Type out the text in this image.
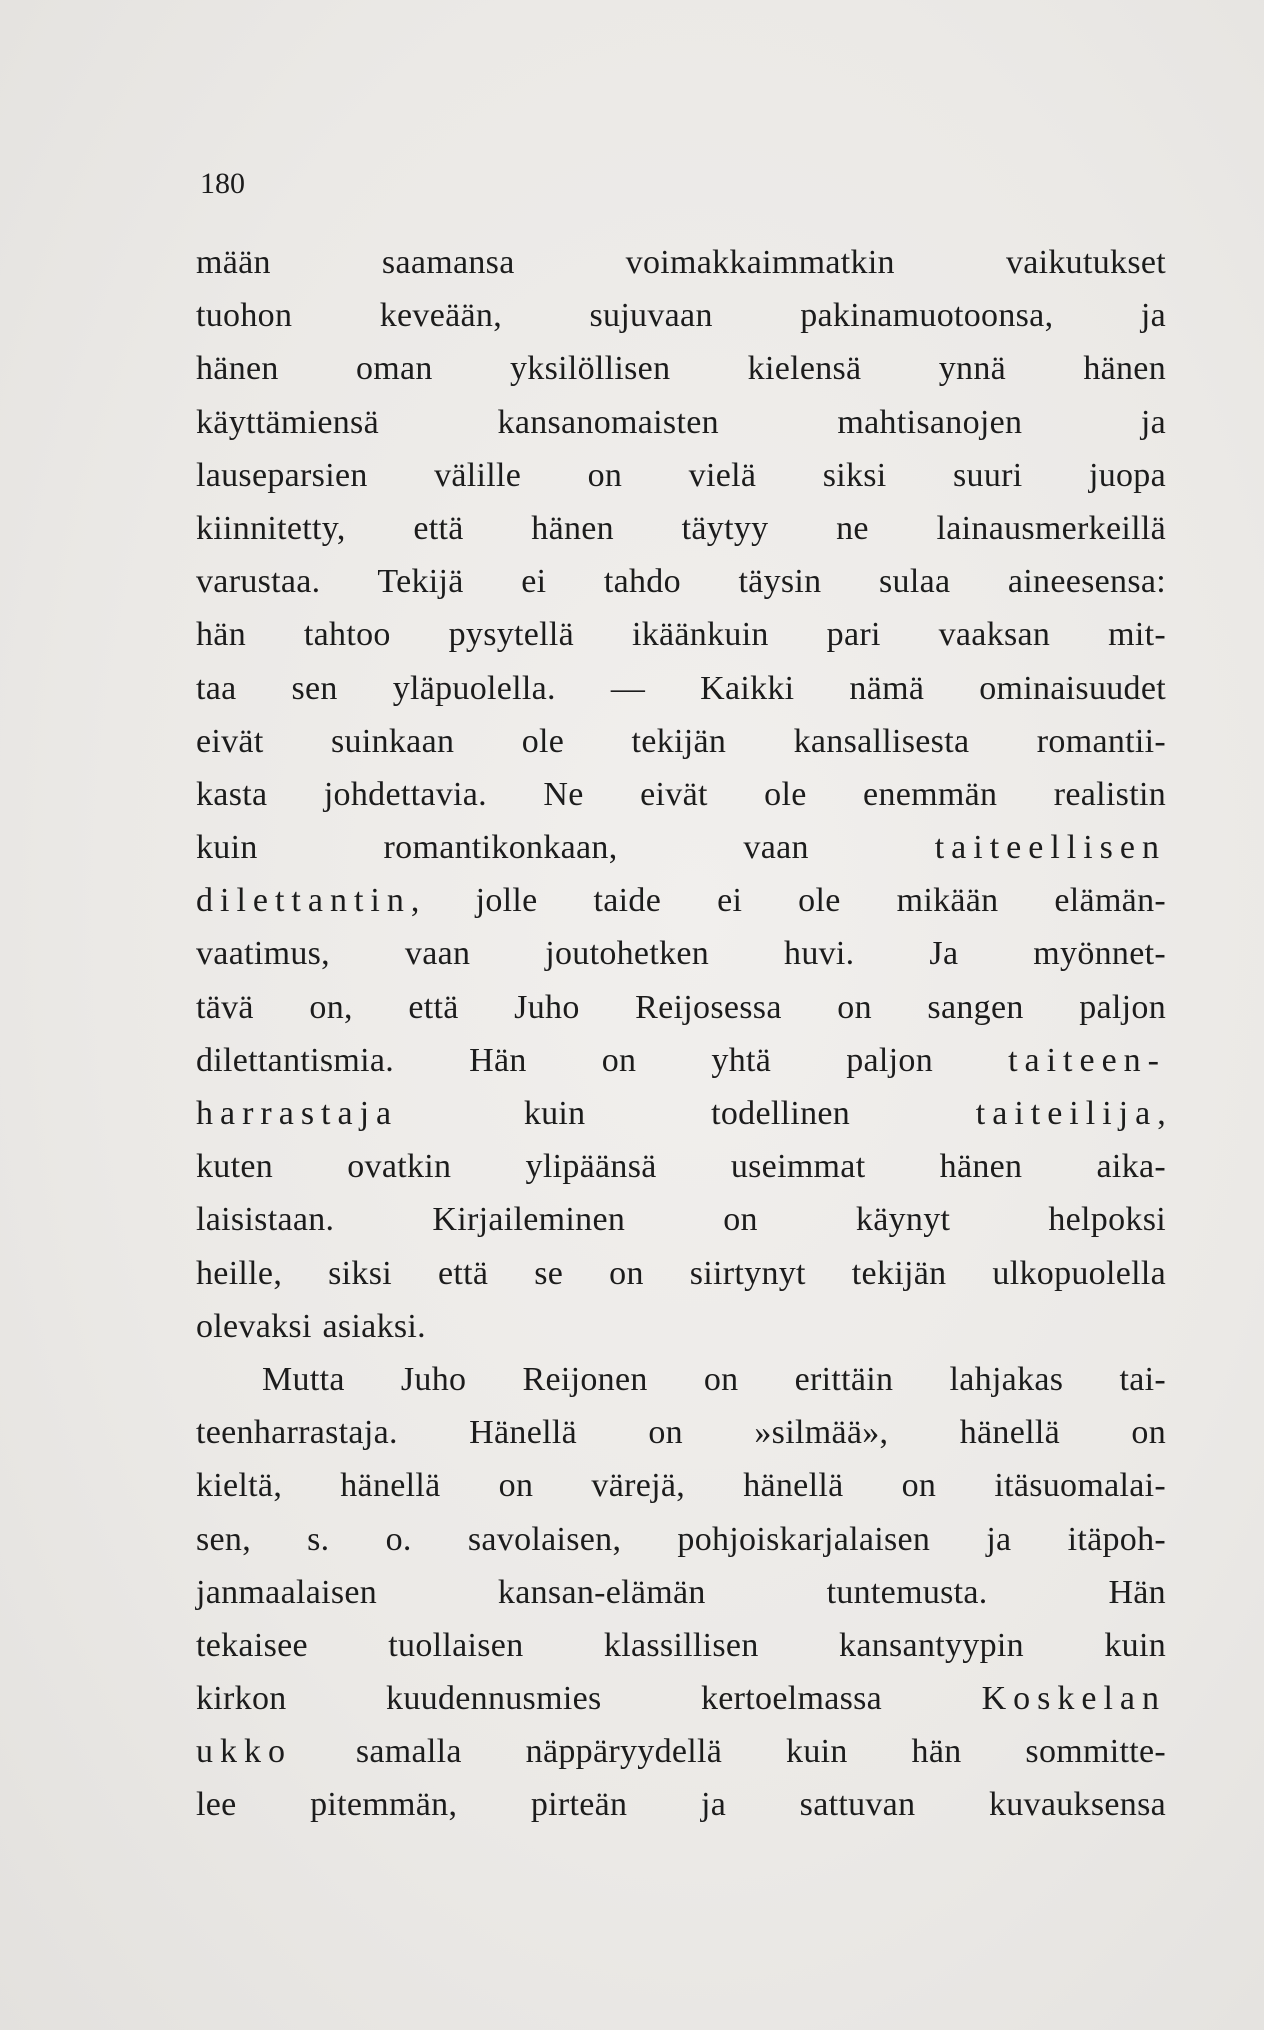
180

mään saamansa voimakkaimmatkin vaikutukset
tuohon keveään, sujuvaan pakinamuotoonsa, ja
hänen oman yksilöllisen kielensä ynnä hänen
käyttämiensä kansanomaisten mahtisanojen ja
lauseparsien välille on vielä siksi suuri juopa
kiinnitetty, että hänen täytyy ne lainausmerkeillä
varustaa. Tekijä ei tahdo täysin sulaa aineesensa:
hän tahtoo pysytellä ikäänkuin pari vaaksan mit-
taa sen yläpuolella. — Kaikki nämä ominaisuudet
eivät suinkaan ole tekijän kansallisesta romantii-
kasta johdettavia. Ne eivät ole enemmän realistin
kuin romantikonkaan, vaan taiteellisen
dilettantin, jolle taide ei ole mikään elämän-
vaatimus, vaan joutohetken huvi. Ja myönnet-
tävä on, että Juho Reijosessa on sangen paljon
dilettantismia. Hän on yhtä paljon taiteen-
harrastaja kuin todellinen taiteilija,
kuten ovatkin ylipäänsä useimmat hänen aika-
laisistaan. Kirjaileminen on käynyt helpoksi
heille, siksi että se on siirtynyt tekijän ulkopuolella
olevaksi asiaksi.
Mutta Juho Reijonen on erittäin lahjakas tai-
teenharrastaja. Hänellä on »silmää», hänellä on
kieltä, hänellä on värejä, hänellä on itäsuomalai-
sen, s. o. savolaisen, pohjoiskarjalaisen ja itäpoh-
janmaalaisen kansan-elämän tuntemusta. Hän
tekaisee tuollaisen klassillisen kansantyypin kuin
kirkon kuudennusmies kertoelmassa Koskelan
ukko samalla näppäryydellä kuin hän sommitte-
lee pitemmän, pirteän ja sattuvan kuvauksensa
